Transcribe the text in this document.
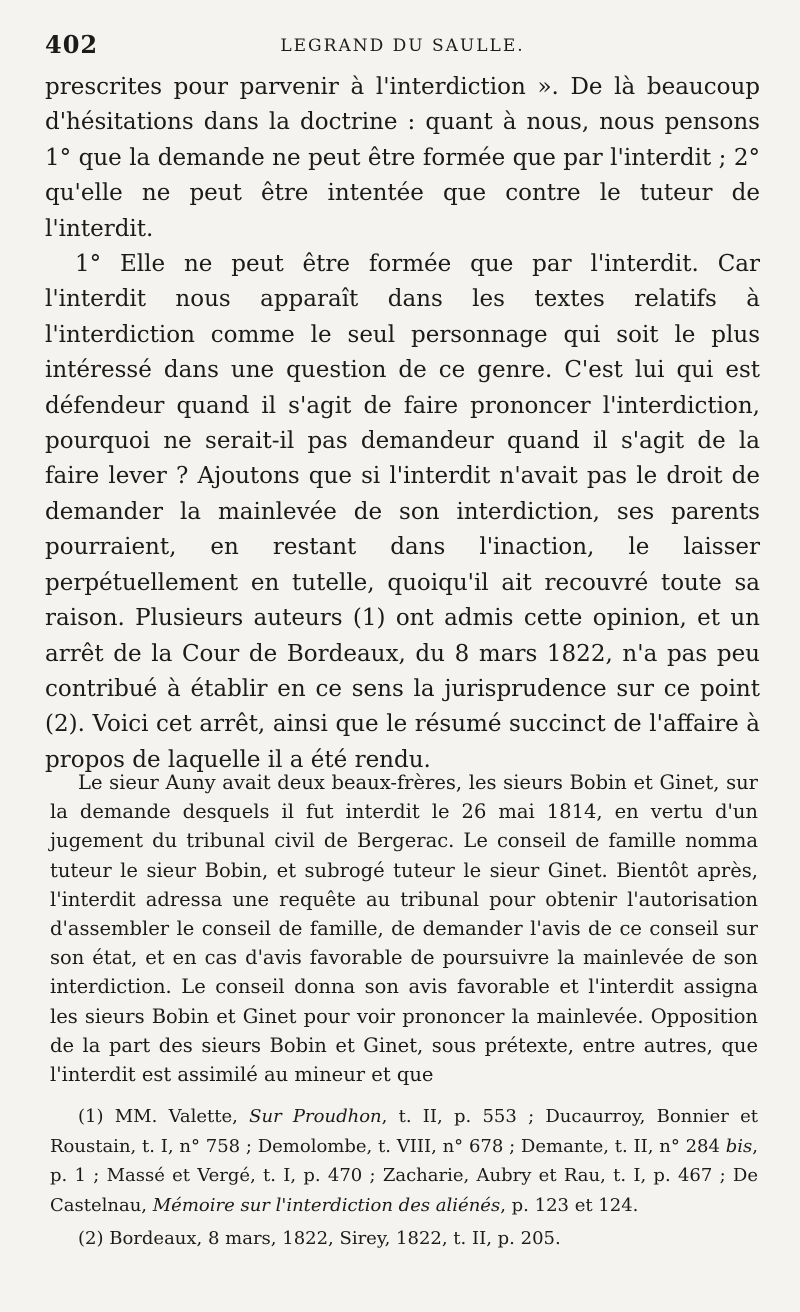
402	LEGRAND DU SAULLE.

prescrites pour parvenir à l'interdiction ». De là beaucoup d'hésitations dans la doctrine : quant à nous, nous pensons 1° que la demande ne peut être formée que par l'interdit ; 2° qu'elle ne peut être intentée que contre le tuteur de l'interdit.

1° Elle ne peut être formée que par l'interdit. Car l'interdit nous apparaît dans les textes relatifs à l'interdiction comme le seul personnage qui soit le plus intéressé dans une question de ce genre. C'est lui qui est défendeur quand il s'agit de faire prononcer l'interdiction, pourquoi ne serait-il pas demandeur quand il s'agit de la faire lever ? Ajoutons que si l'interdit n'avait pas le droit de demander la mainlevée de son interdiction, ses parents pourraient, en restant dans l'inaction, le laisser perpétuellement en tutelle, quoiqu'il ait recouvré toute sa raison. Plusieurs auteurs (1) ont admis cette opinion, et un arrêt de la Cour de Bordeaux, du 8 mars 1822, n'a pas peu contribué à établir en ce sens la jurisprudence sur ce point (2). Voici cet arrêt, ainsi que le résumé succinct de l'affaire à propos de laquelle il a été rendu.

Le sieur Auny avait deux beaux-frères, les sieurs Bobin et Ginet, sur la demande desquels il fut interdit le 26 mai 1814, en vertu d'un jugement du tribunal civil de Bergerac. Le conseil de famille nomma tuteur le sieur Bobin, et subrogé tuteur le sieur Ginet. Bientôt après, l'interdit adressa une requête au tribunal pour obtenir l'autorisation d'assembler le conseil de famille, de demander l'avis de ce conseil sur son état, et en cas d'avis favorable de poursuivre la mainlevée de son interdiction. Le conseil donna son avis favorable et l'interdit assigna les sieurs Bobin et Ginet pour voir prononcer la mainlevée. Opposition de la part des sieurs Bobin et Ginet, sous prétexte, entre autres, que l'interdit est assimilé au mineur et que

(1) MM. Valette, Sur Proudhon, t. II, p. 553 ; Ducaurroy, Bonnier et Roustain, t. I, n° 758 ; Demolombe, t. VIII, n° 678 ; Demante, t. II, n° 284 bis, p. 1 ; Massé et Vergé, t. I, p. 470 ; Zacharie, Aubry et Rau, t. I, p. 467 ; De Castelnau, Mémoire sur l'interdiction des aliénés, p. 123 et 124.

(2) Bordeaux, 8 mars, 1822, Sirey, 1822, t. II, p. 205.
